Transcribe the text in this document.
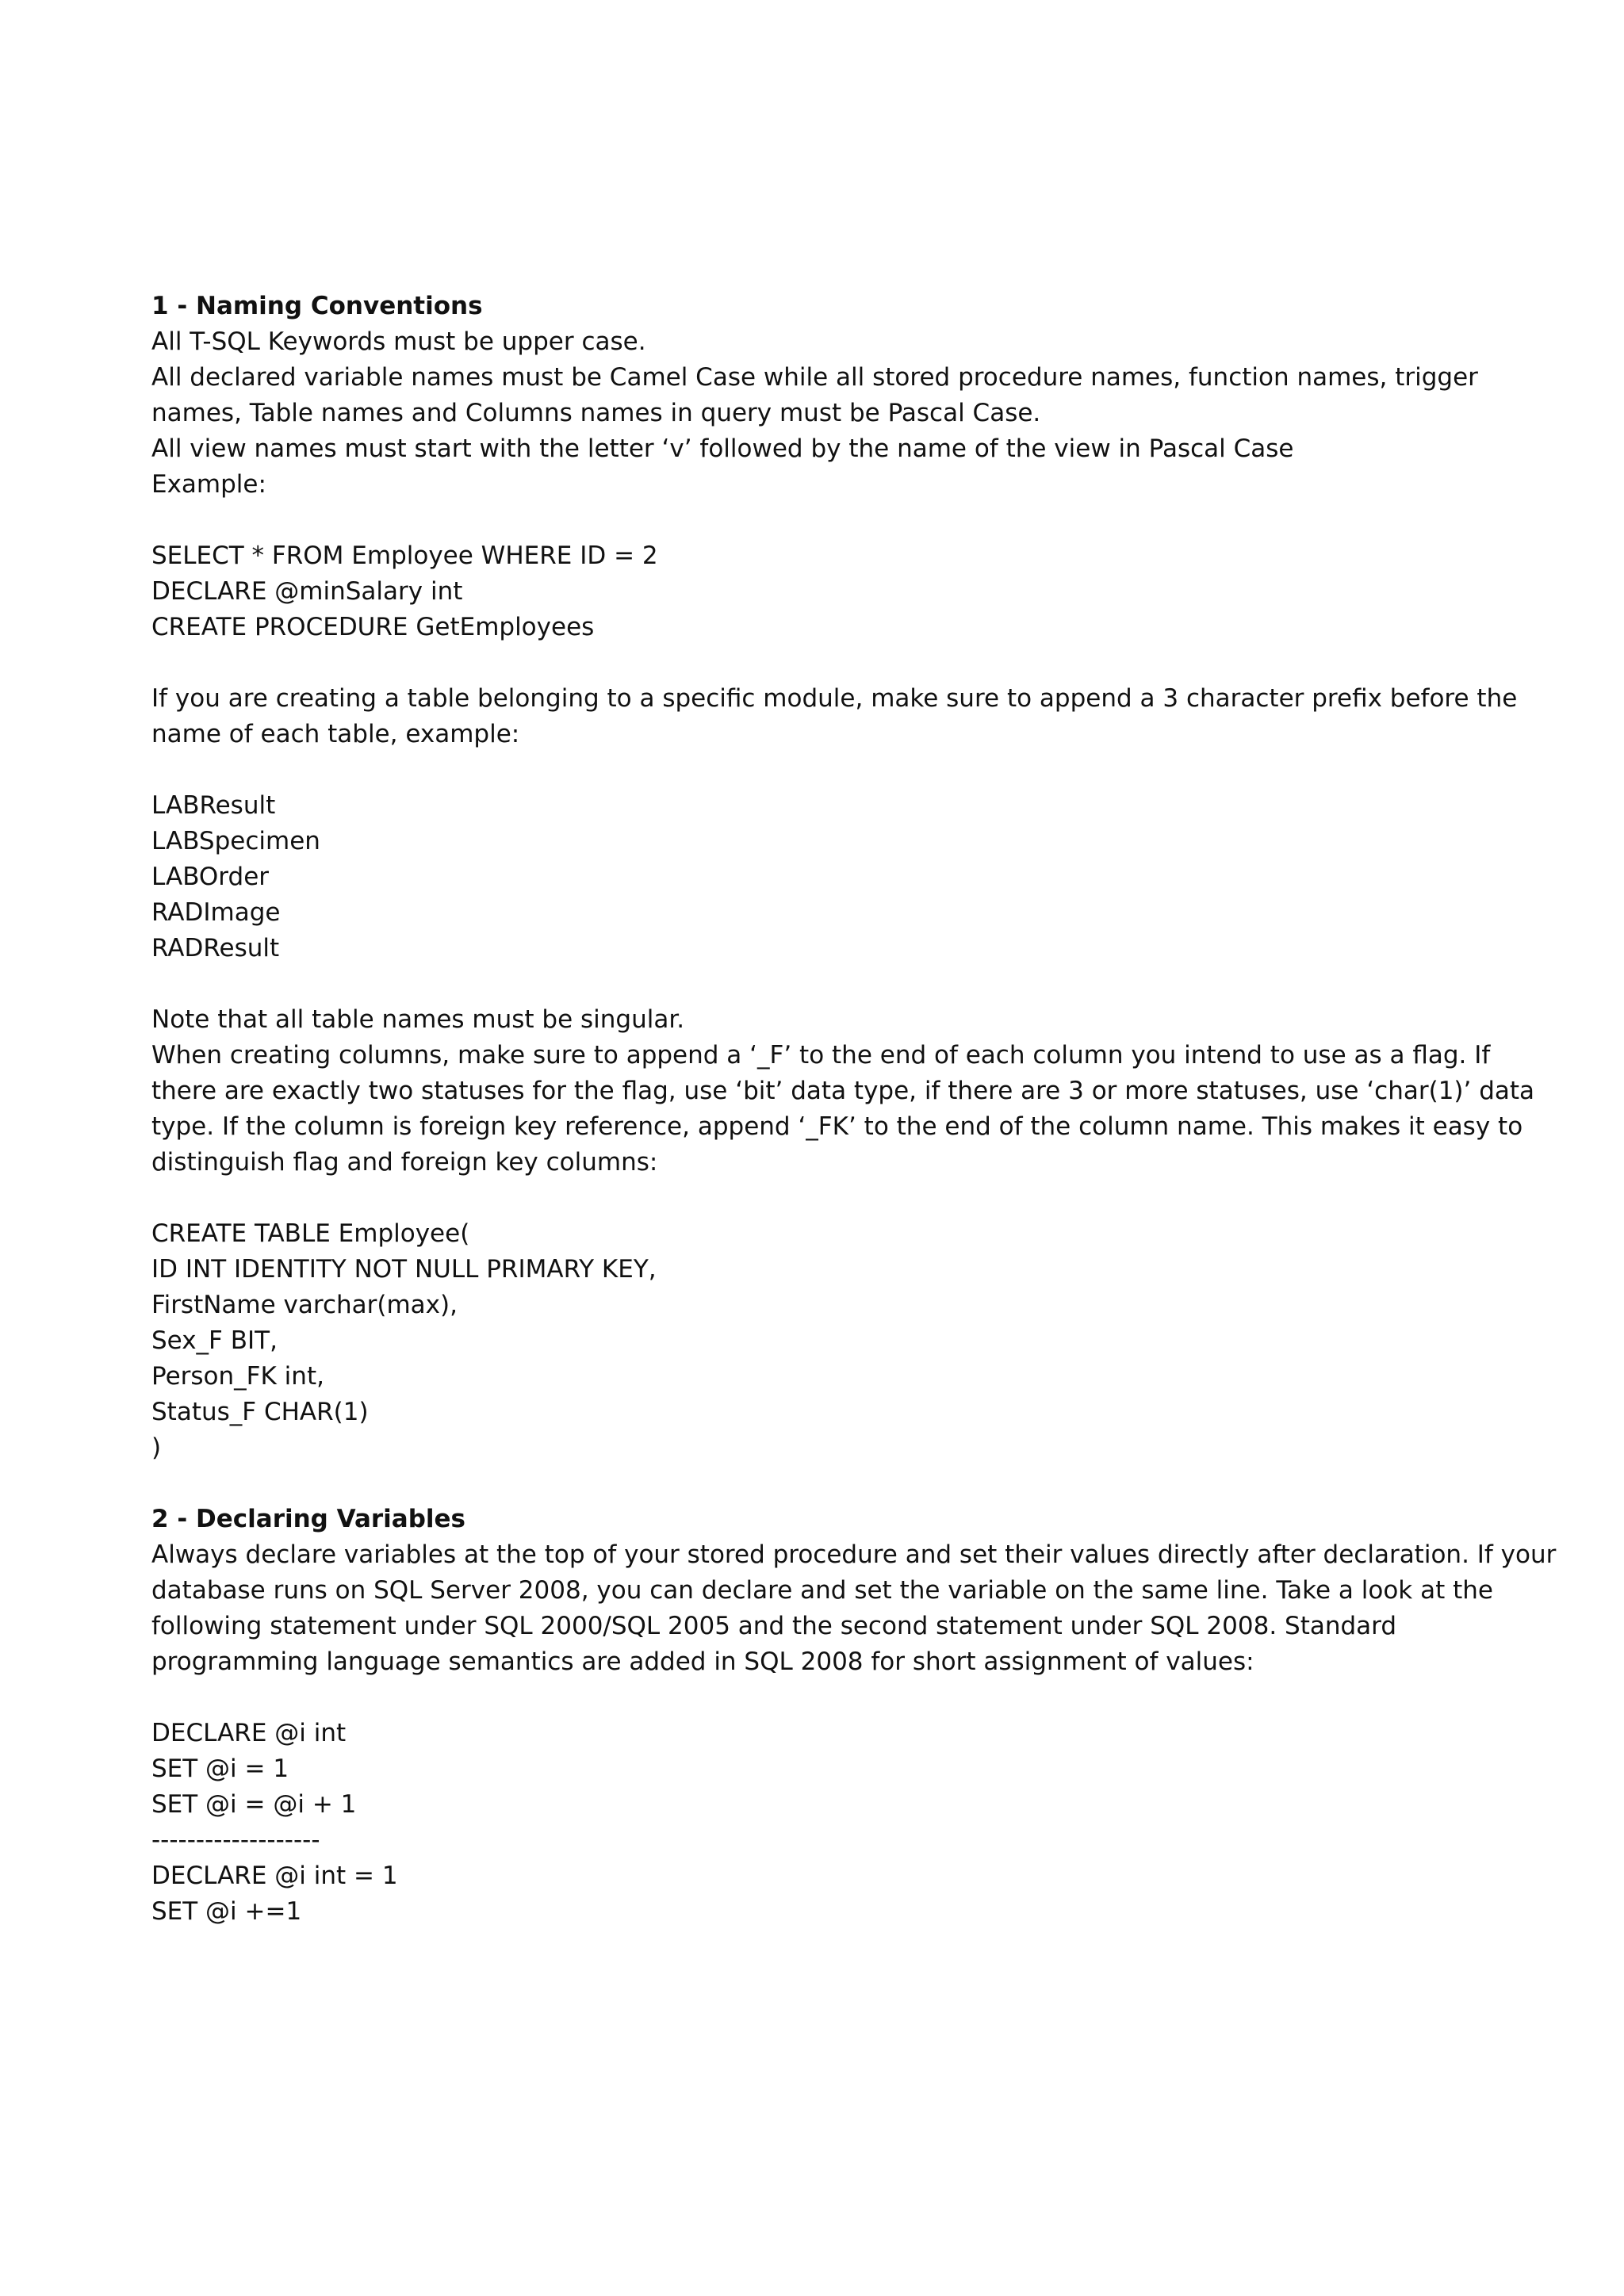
1 - Naming Conventions
All T-SQL Keywords must be upper case.
All declared variable names must be Camel Case while all stored procedure names, function names, trigger
names, Table names and Columns names in query must be Pascal Case.
All view names must start with the letter ‘v’ followed by the name of the view in Pascal Case
Example:
SELECT * FROM Employee WHERE ID = 2
DECLARE @minSalary int
CREATE PROCEDURE GetEmployees
If you are creating a table belonging to a specific module, make sure to append a 3 character prefix before the
name of each table, example:
LABResult
LABSpecimen
LABOrder
RADImage
RADResult
Note that all table names must be singular.
When creating columns, make sure to append a ‘_F’ to the end of each column you intend to use as a flag. If
there are exactly two statuses for the flag, use ‘bit’ data type, if there are 3 or more statuses, use ‘char(1)’ data
type. If the column is foreign key reference, append ‘_FK’ to the end of the column name. This makes it easy to
distinguish flag and foreign key columns:
CREATE TABLE Employee(
ID INT IDENTITY NOT NULL PRIMARY KEY,
FirstName varchar(max),
Sex_F BIT,
Person_FK int,
Status_F CHAR(1)
)
2 - Declaring Variables
Always declare variables at the top of your stored procedure and set their values directly after declaration. If your
database runs on SQL Server 2008, you can declare and set the variable on the same line. Take a look at the
following statement under SQL 2000/SQL 2005 and the second statement under SQL 2008. Standard
programming language semantics are added in SQL 2008 for short assignment of values:
DECLARE @i int
SET @i = 1
SET @i = @i + 1
-------------------
DECLARE @i int = 1
SET @i +=1
